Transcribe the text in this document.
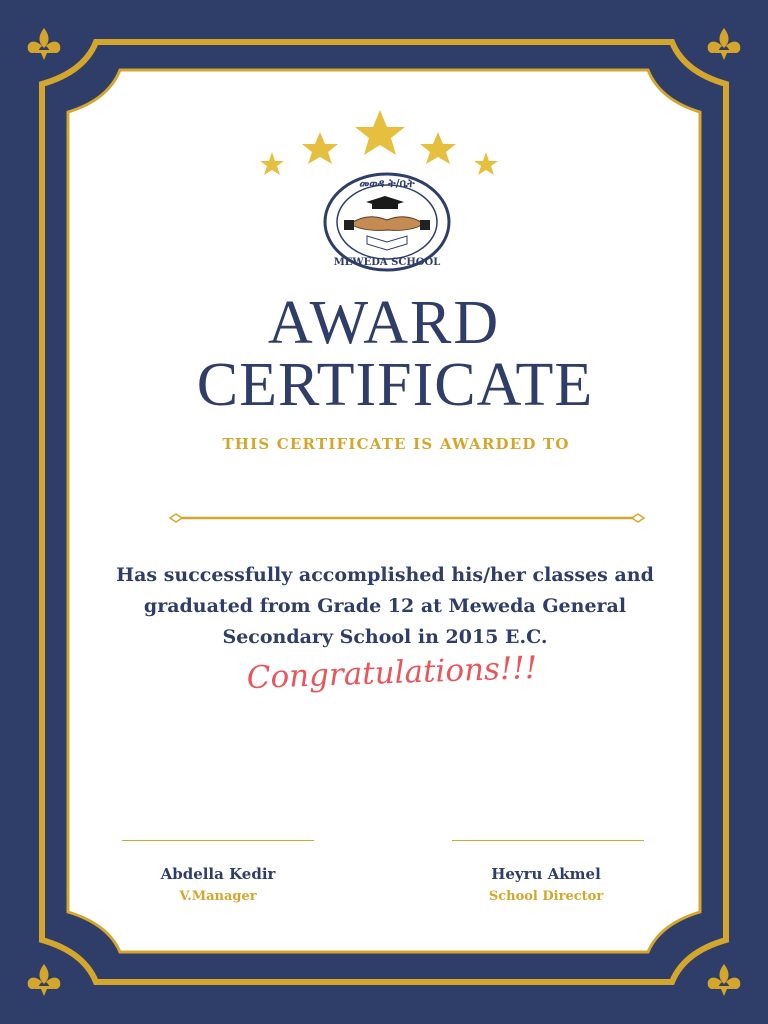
መወዳ ት/ቤት
MEWEDA SCHOOL
AWARD
CERTIFICATE
THIS CERTIFICATE IS AWARDED TO
Has successfully accomplished his/her classes and graduated from Grade 12 at Meweda General Secondary School in 2015 E.C.
Congratulations!!!
Abdella Kedir
V.Manager
Heyru Akmel
School Director
